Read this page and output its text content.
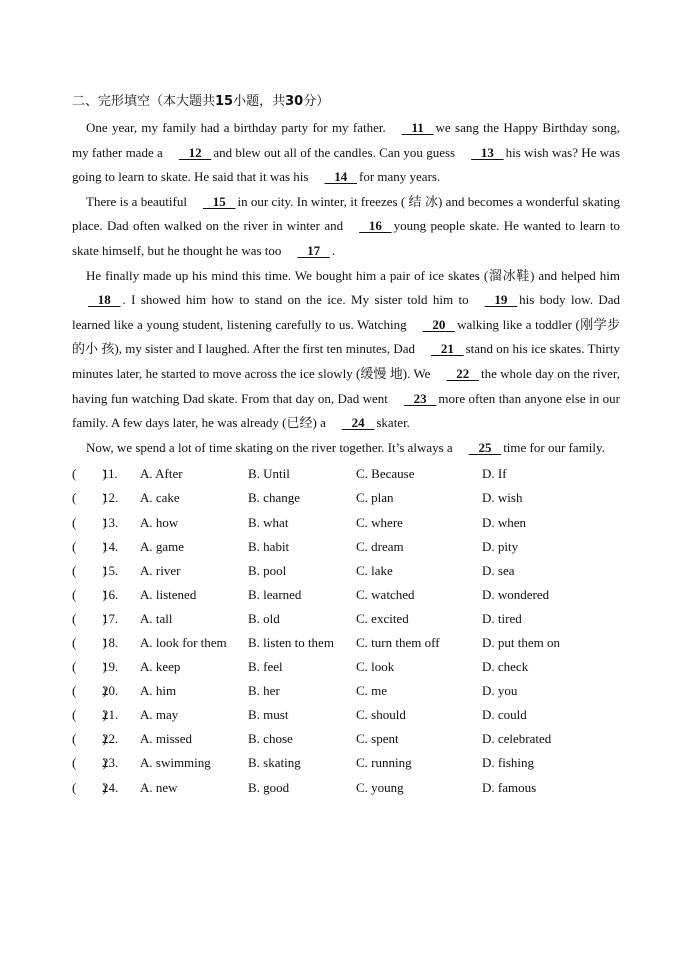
二、完形填空（本大题共15小题，共30分）

One year, my family had a birthday party for my father.   11   we sang the Happy Birthday song, my father made a   12   and blew out all of the candles. Can you guess   13   his wish was? He was going to learn to skate. He said that it was his   14   for many years.

There is a beautiful   15   in our city. In winter, it freezes ( 结 冰) and becomes a wonderful skating place. Dad often walked on the river in winter and   16   young people skate. He wanted to learn to skate himself, but he thought he was too   17   .

He finally made up his mind this time. We bought him a pair of ice skates (溜冰鞋) and helped him   18   . I showed him how to stand on the ice. My sister told him to   19   his body low. Dad learned like a young student, listening carefully to us. Watching   20   walking like a toddler (刚学步的小 孩), my sister and I laughed. After the first ten minutes, Dad   21   stand on his ice skates. Thirty minutes later, he started to move across the ice slowly (缓慢 地). We   22   the whole day on the river, having fun watching Dad skate. From that day on, Dad went   23   more often than anyone else in our family. A few days later, he was already (已经) a   24   skater.

Now, we spend a lot of time skating on the river together. It’s always a   25   time for our family.

(        )
11.	A. After	B. Until	C. Because	D. If
(        )
12.	A. cake	B. change	C. plan	D. wish
(        )
13.	A. how	B. what	C. where	D. when
(        )
14.	A. game	B. habit	C. dream	D. pity
(        )
15.	A. river	B. pool	C. lake	D. sea
(        )
16.	A. listened	B. learned	C. watched	D. wondered
(        )
17.	A. tall	B. old	C. excited	D. tired
(        )
18.	A. look for them	B. listen to them	C. turn them off	D. put them on
(        )
19.	A. keep	B. feel	C. look	D. check
(        )
20.	A. him	B. her	C. me	D. you
(        )
21.	A. may	B. must	C. should	D. could
(        )
22.	A. missed	B. chose	C. spent	D. celebrated
(        )
23.	A. swimming	B. skating	C. running	D. fishing
(        )
24.	A. new	B. good	C. young	D. famous
